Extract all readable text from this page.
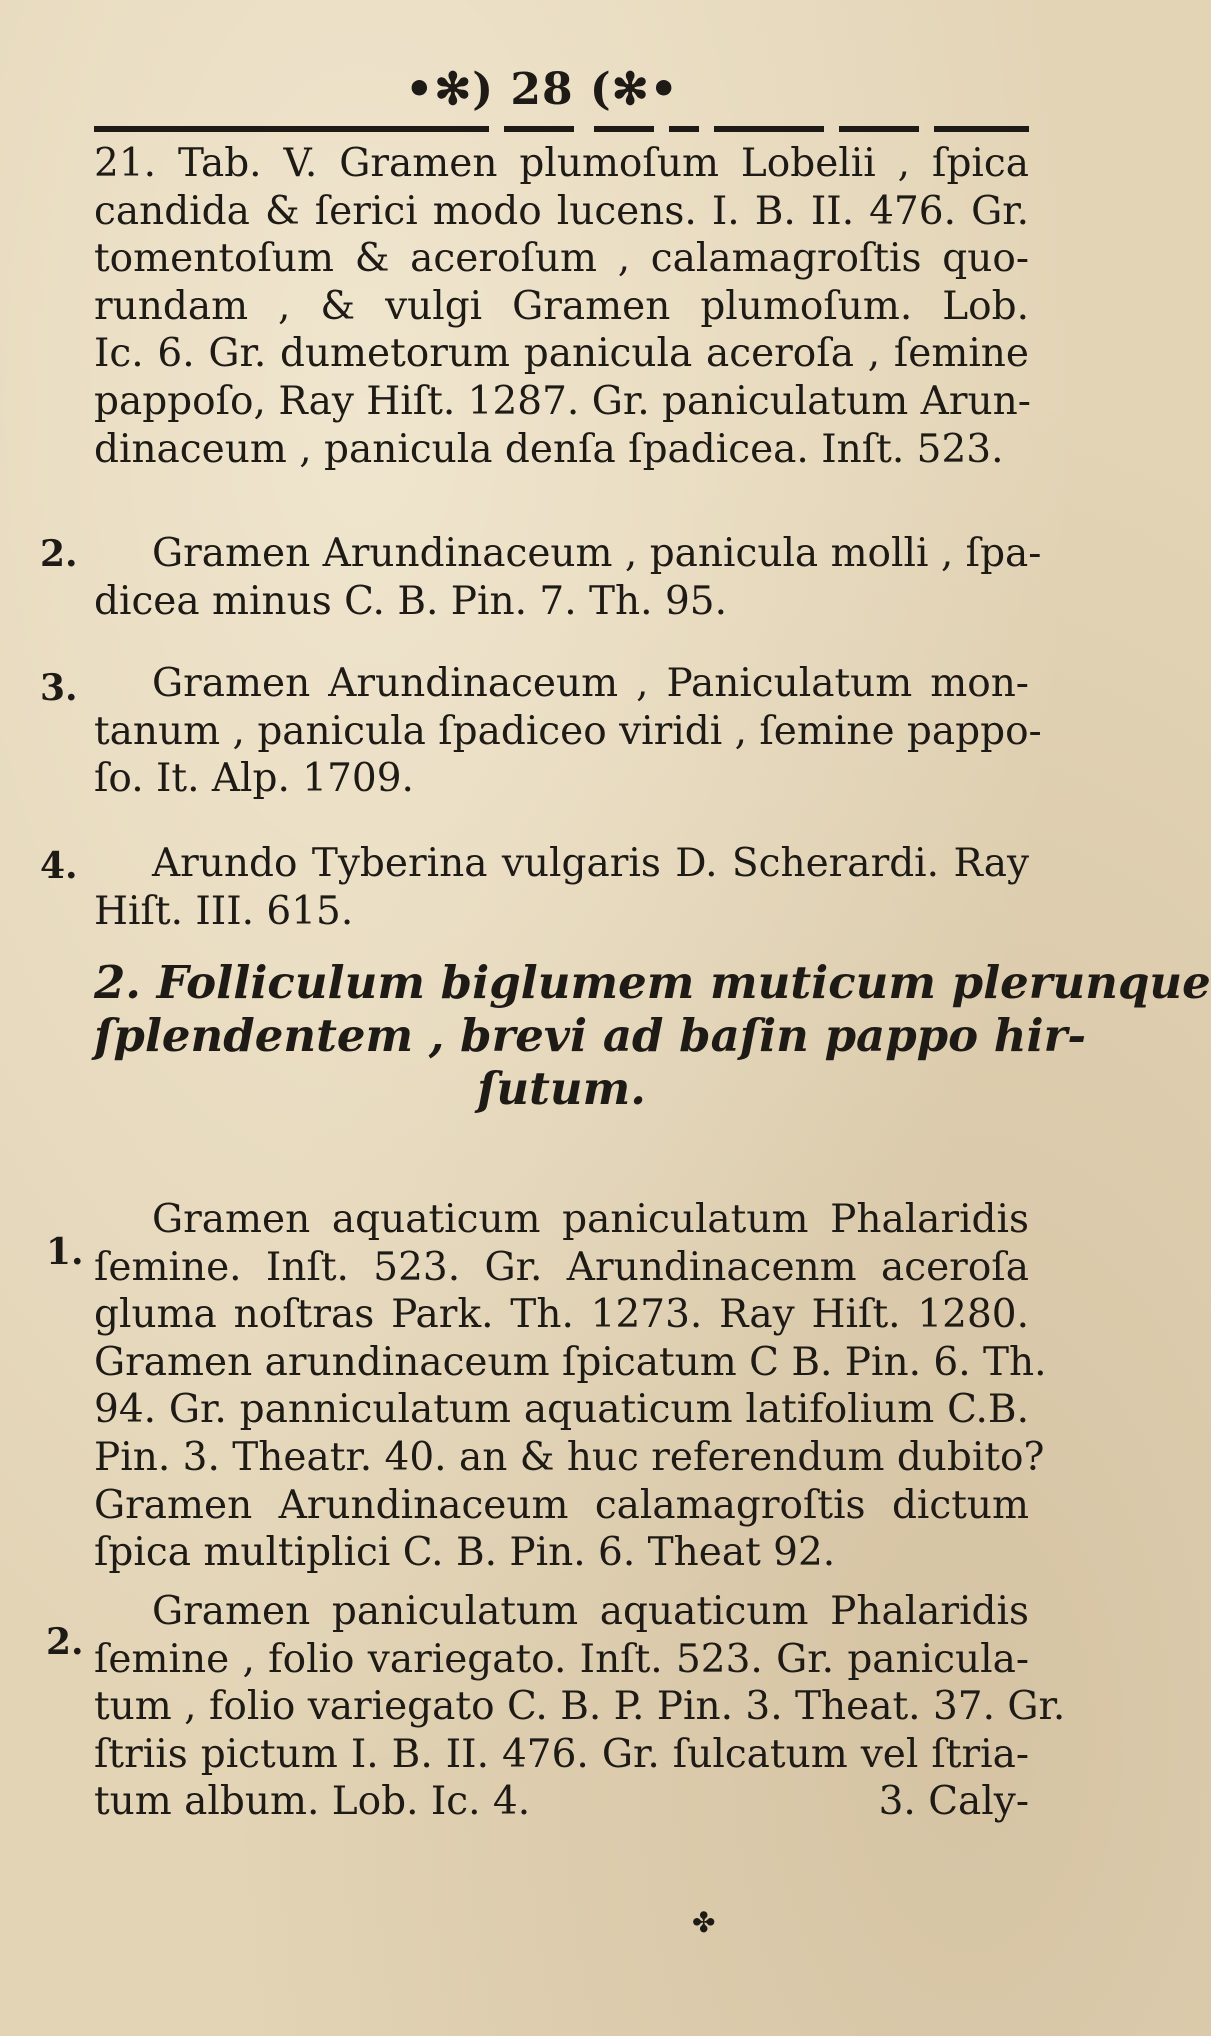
•✻) 28 (✻•
21. Tab. V. Gramen plumoſum Lobelii , ſpica
candida & ſerici modo lucens. I. B. II. 476. Gr.
tomentoſum & aceroſum , calamagroſtis quo-
rundam , & vulgi Gramen plumoſum. Lob.
Ic. 6. Gr. dumetorum panicula aceroſa , ſemine
pappoſo, Ray Hiſt. 1287. Gr. paniculatum Arun-
dinaceum , panicula denſa ſpadicea. Inſt. 523.
2.	Gramen Arundinaceum , panicula molli , ſpa-
dicea minus C. B. Pin. 7. Th. 95.
3.	Gramen Arundinaceum , Paniculatum mon-
tanum , panicula ſpadiceo viridi , ſemine pappo-
ſo. It. Alp. 1709.
4.	Arundo Tyberina vulgaris D. Scherardi. Ray
Hiſt. III. 615.
2. Folliculum biglumem muticum plerunque
ſplendentem , brevi ad baſin pappo hir-
ſutum.
1.
Gramen aquaticum paniculatum Phalaridis
ſemine. Inſt. 523. Gr. Arundinacenm aceroſa
gluma noſtras Park. Th. 1273. Ray Hiſt. 1280.
Gramen arundinaceum ſpicatum C B. Pin. 6. Th.
94. Gr. panniculatum aquaticum latifolium C.B.
Pin. 3. Theatr. 40. an & huc referendum dubito?
Gramen Arundinaceum calamagroſtis dictum
ſpica multiplici C. B. Pin. 6. Theat 92.
2.
Gramen paniculatum aquaticum Phalaridis
ſemine , folio variegato. Inſt. 523. Gr. panicula-
tum , folio variegato C. B. P. Pin. 3. Theat. 37. Gr.
ſtriis pictum I. B. II. 476. Gr. ſulcatum vel ſtria-
tum album. Lob. Ic. 4.	3. Caly-
✤
